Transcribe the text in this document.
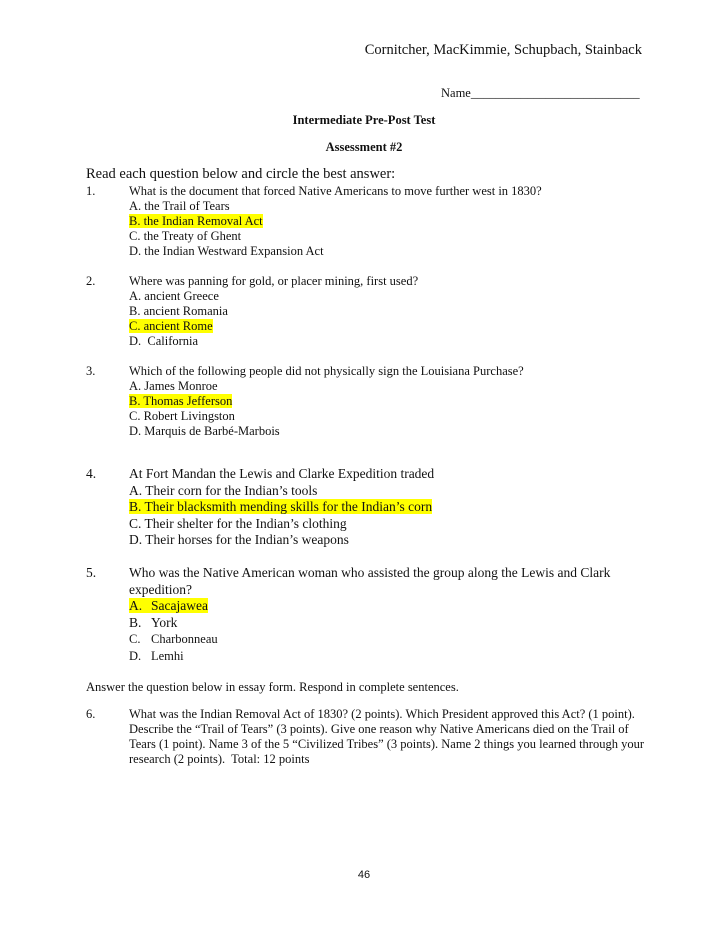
Cornitcher, MacKimmie, Schupbach, Stainback
Name___________________________
Intermediate Pre-Post Test
Assessment #2
Read each question below and circle the best answer:
1.	What is the document that forced Native Americans to move further west in 1830?
A. the Trail of Tears
B. the Indian Removal Act
C. the Treaty of Ghent
D. the Indian Westward Expansion Act
2.	Where was panning for gold, or placer mining, first used?
A. ancient Greece
B. ancient Romania
C. ancient Rome
D.  California
3.	Which of the following people did not physically sign the Louisiana Purchase?
A. James Monroe
B. Thomas Jefferson
C. Robert Livingston
D. Marquis de Barbé-Marbois
4. At Fort Mandan the Lewis and Clarke Expedition traded
A. Their corn for the Indian’s tools
B. Their blacksmith mending skills for the Indian’s corn
C. Their shelter for the Indian’s clothing
D. Their horses for the Indian’s weapons
5. Who was the Native American woman who assisted the group along the Lewis and Clark expedition?
A. Sacajawea
B. York
C. Charbonneau
D. Lemhi
Answer the question below in essay form. Respond in complete sentences.
6.	What was the Indian Removal Act of 1830? (2 points). Which President approved this Act? (1 point). Describe the “Trail of Tears” (3 points). Give one reason why Native Americans died on the Trail of Tears (1 point). Name 3 of the 5 “Civilized Tribes” (3 points). Name 2 things you learned through your research (2 points).  Total: 12 points
46
